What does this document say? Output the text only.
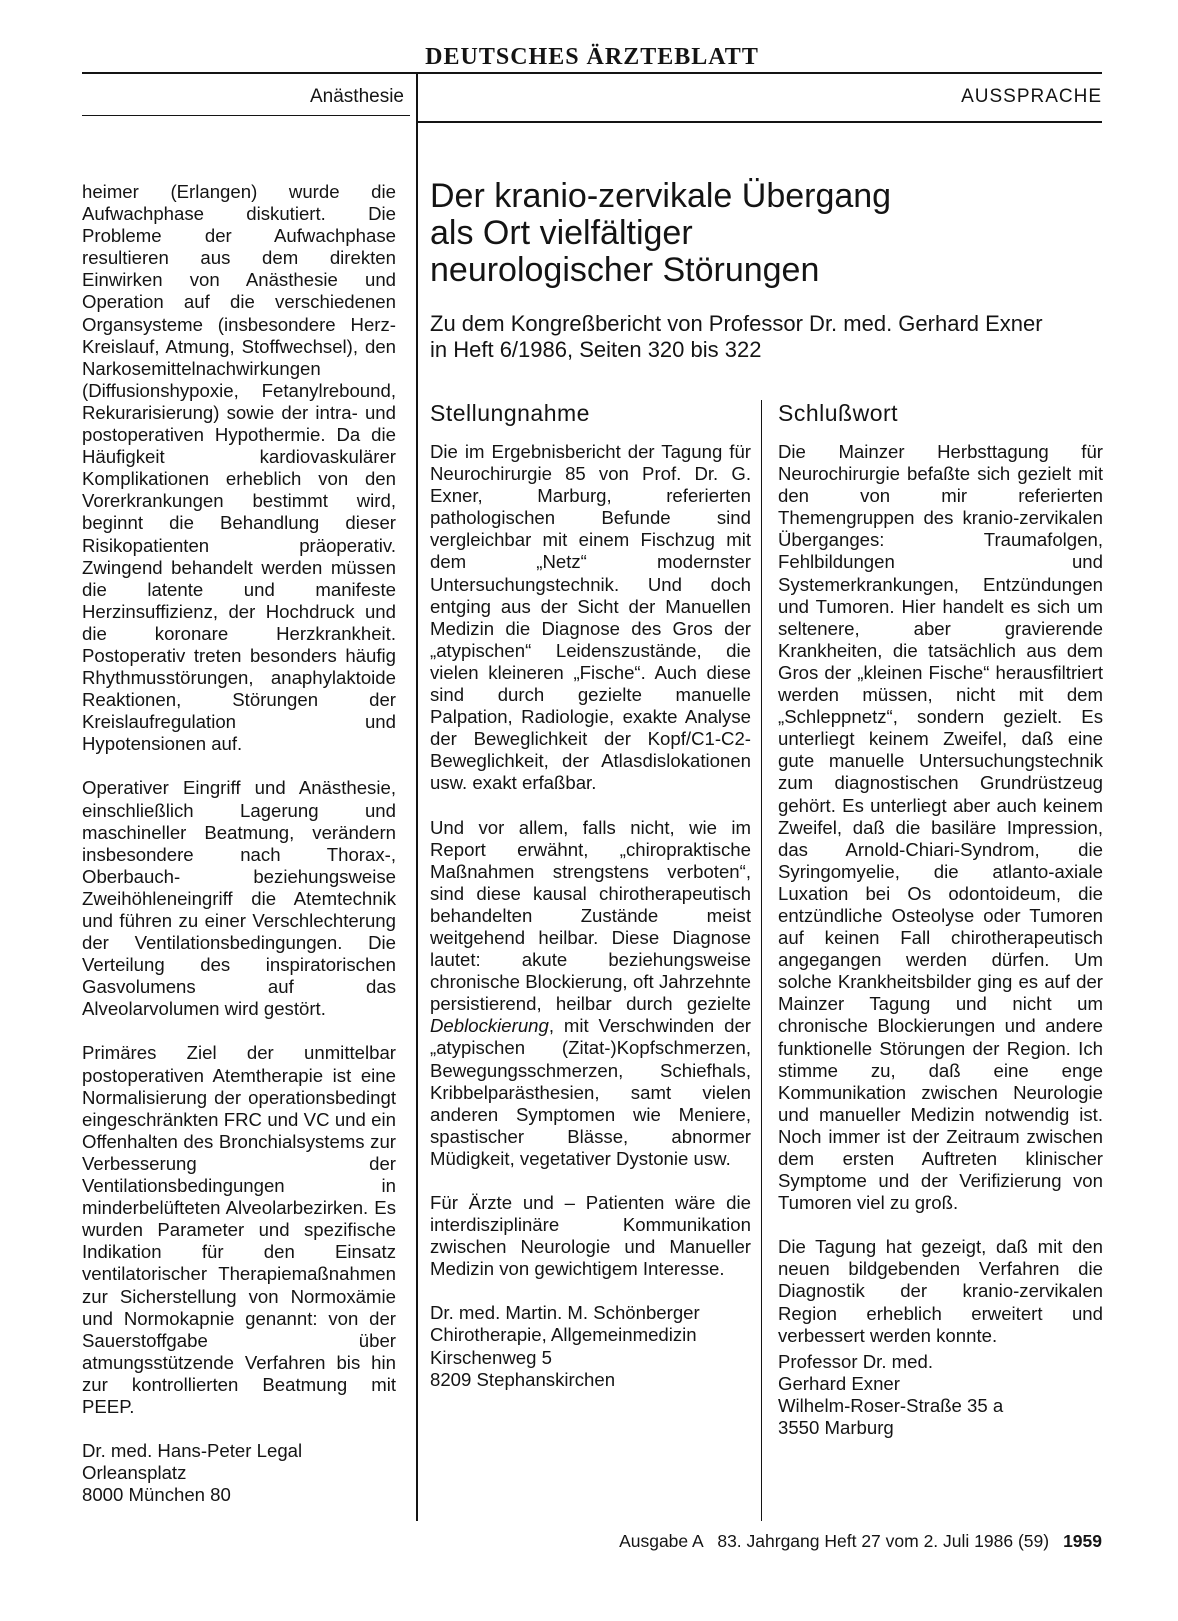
DEUTSCHES ÄRZTEBLATT
Anästhesie	AUSSPRACHE

heimer (Erlangen) wurde die Aufwachphase diskutiert. Die Probleme der Aufwachphase resultieren aus dem direkten Einwirken von Anästhesie und Operation auf die verschiedenen Organsysteme (insbesondere Herz-Kreislauf, Atmung, Stoffwechsel), den Narkosemittelnachwirkungen (Diffusionshypoxie, Fetanylrebound, Rekurarisierung) sowie der intra- und postoperativen Hypothermie. Da die Häufigkeit kardiovaskulärer Komplikationen erheblich von den Vorerkrankungen bestimmt wird, beginnt die Behandlung dieser Risikopatienten präoperativ. Zwingend behandelt werden müssen die latente und manifeste Herzinsuffizienz, der Hochdruck und die koronare Herzkrankheit. Postoperativ treten besonders häufig Rhythmusstörungen, anaphylaktoide Reaktionen, Störungen der Kreislaufregulation und Hypotensionen auf.

Operativer Eingriff und Anästhesie, einschließlich Lagerung und maschineller Beatmung, verändern insbesondere nach Thorax-, Oberbauch- beziehungsweise Zweihöhleneingriff die Atemtechnik und führen zu einer Verschlechterung der Ventilationsbedingungen. Die Verteilung des inspiratorischen Gasvolumens auf das Alveolarvolumen wird gestört.

Primäres Ziel der unmittelbar postoperativen Atemtherapie ist eine Normalisierung der operationsbedingt eingeschränkten FRC und VC und ein Offenhalten des Bronchialsystems zur Verbesserung der Ventilationsbedingungen in minderbelüfteten Alveolarbezirken. Es wurden Parameter und spezifische Indikation für den Einsatz ventilatorischer Therapiemaßnahmen zur Sicherstellung von Normoxämie und Normokapnie genannt: von der Sauerstoffgabe über atmungsstützende Verfahren bis hin zur kontrollierten Beatmung mit PEEP.

Dr. med. Hans-Peter Legal
Orleansplatz
8000 München 80

Der kranio-zervikale Übergang
als Ort vielfältiger
neurologischer Störungen

Zu dem Kongreßbericht von Professor Dr. med. Gerhard Exner
in Heft 6/1986, Seiten 320 bis 322

Stellungnahme	Schlußwort

Die im Ergebnisbericht der Tagung für Neurochirurgie 85 von Prof. Dr. G. Exner, Marburg, referierten pathologischen Befunde sind vergleichbar mit einem Fischzug mit dem „Netz“ modernster Untersuchungstechnik. Und doch entging aus der Sicht der Manuellen Medizin die Diagnose des Gros der „atypischen“ Leidenszustände, die vielen kleineren „Fische“. Auch diese sind durch gezielte manuelle Palpation, Radiologie, exakte Analyse der Beweglichkeit der Kopf/C1-C2-Beweglichkeit, der Atlasdislokationen usw. exakt erfaßbar.

Und vor allem, falls nicht, wie im Report erwähnt, „chiropraktische Maßnahmen strengstens verboten“, sind diese kausal chirotherapeutisch behandelten Zustände meist weitgehend heilbar. Diese Diagnose lautet: akute beziehungsweise chronische Blockierung, oft Jahrzehnte persistierend, heilbar durch gezielte Deblockierung, mit Verschwinden der „atypischen (Zitat-)Kopfschmerzen, Bewegungsschmerzen, Schiefhals, Kribbelparästhesien, samt vielen anderen Symptomen wie Meniere, spastischer Blässe, abnormer Müdigkeit, vegetativer Dystonie usw.

Für Ärzte und – Patienten wäre die interdisziplinäre Kommunikation zwischen Neurologie und Manueller Medizin von gewichtigem Interesse.

Dr. med. Martin. M. Schönberger
Chirotherapie, Allgemeinmedizin
Kirschenweg 5
8209 Stephanskirchen

Die Mainzer Herbsttagung für Neurochirurgie befaßte sich gezielt mit den von mir referierten Themengruppen des kranio-zervikalen Überganges: Traumafolgen, Fehlbildungen und Systemerkrankungen, Entzündungen und Tumoren. Hier handelt es sich um seltenere, aber gravierende Krankheiten, die tatsächlich aus dem Gros der „kleinen Fische“ herausfiltriert werden müssen, nicht mit dem „Schleppnetz“, sondern gezielt. Es unterliegt keinem Zweifel, daß eine gute manuelle Untersuchungstechnik zum diagnostischen Grundrüstzeug gehört. Es unterliegt aber auch keinem Zweifel, daß die basiläre Impression, das Arnold-Chiari-Syndrom, die Syringomyelie, die atlanto-axiale Luxation bei Os odontoideum, die entzündliche Osteolyse oder Tumoren auf keinen Fall chirotherapeutisch angegangen werden dürfen. Um solche Krankheitsbilder ging es auf der Mainzer Tagung und nicht um chronische Blockierungen und andere funktionelle Störungen der Region. Ich stimme zu, daß eine enge Kommunikation zwischen Neurologie und manueller Medizin notwendig ist. Noch immer ist der Zeitraum zwischen dem ersten Auftreten klinischer Symptome und der Verifizierung von Tumoren viel zu groß.

Die Tagung hat gezeigt, daß mit den neuen bildgebenden Verfahren die Diagnostik der kranio-zervikalen Region erheblich erweitert und verbessert werden konnte.

Professor Dr. med.
Gerhard Exner
Wilhelm-Roser-Straße 35 a
3550 Marburg

Ausgabe A   83. Jahrgang Heft 27 vom 2. Juli 1986 (59) 1959
